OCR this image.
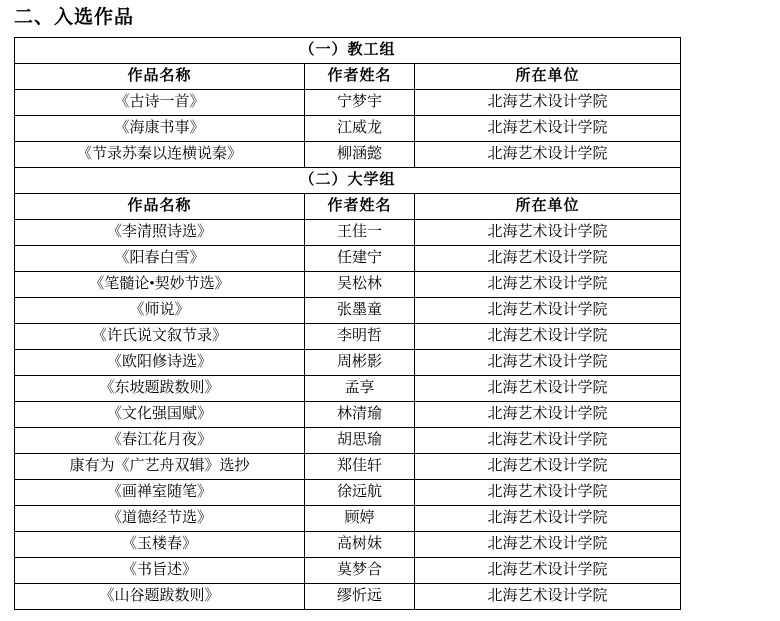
二、入选作品
（一）教工组		
作品名称	作者姓名	所在单位
《古诗一首》	宁梦宇	北海艺术设计学院
《海康书事》	江威龙	北海艺术设计学院
《节录苏秦以连横说秦》	柳涵懿	北海艺术设计学院
（二）大学组		
作品名称	作者姓名	所在单位
《李清照诗选》	王佳一	北海艺术设计学院
《阳春白雪》	任建宁	北海艺术设计学院
《笔髓论•契妙节选》	吴松林	北海艺术设计学院
《师说》	张墨童	北海艺术设计学院
《许氏说文叙节录》	李明哲	北海艺术设计学院
《欧阳修诗选》	周彬影	北海艺术设计学院
《东坡题跋数则》	孟享	北海艺术设计学院
《文化强国赋》	林清瑜	北海艺术设计学院
《春江花月夜》	胡思瑜	北海艺术设计学院
康有为《广艺舟双辑》选抄	郑佳轩	北海艺术设计学院
《画禅室随笔》	徐远航	北海艺术设计学院
《道德经节选》	顾婷	北海艺术设计学院
《玉楼春》	高树妹	北海艺术设计学院
《书旨述》	莫梦合	北海艺术设计学院
《山谷题跋数则》	缪忻远	北海艺术设计学院
